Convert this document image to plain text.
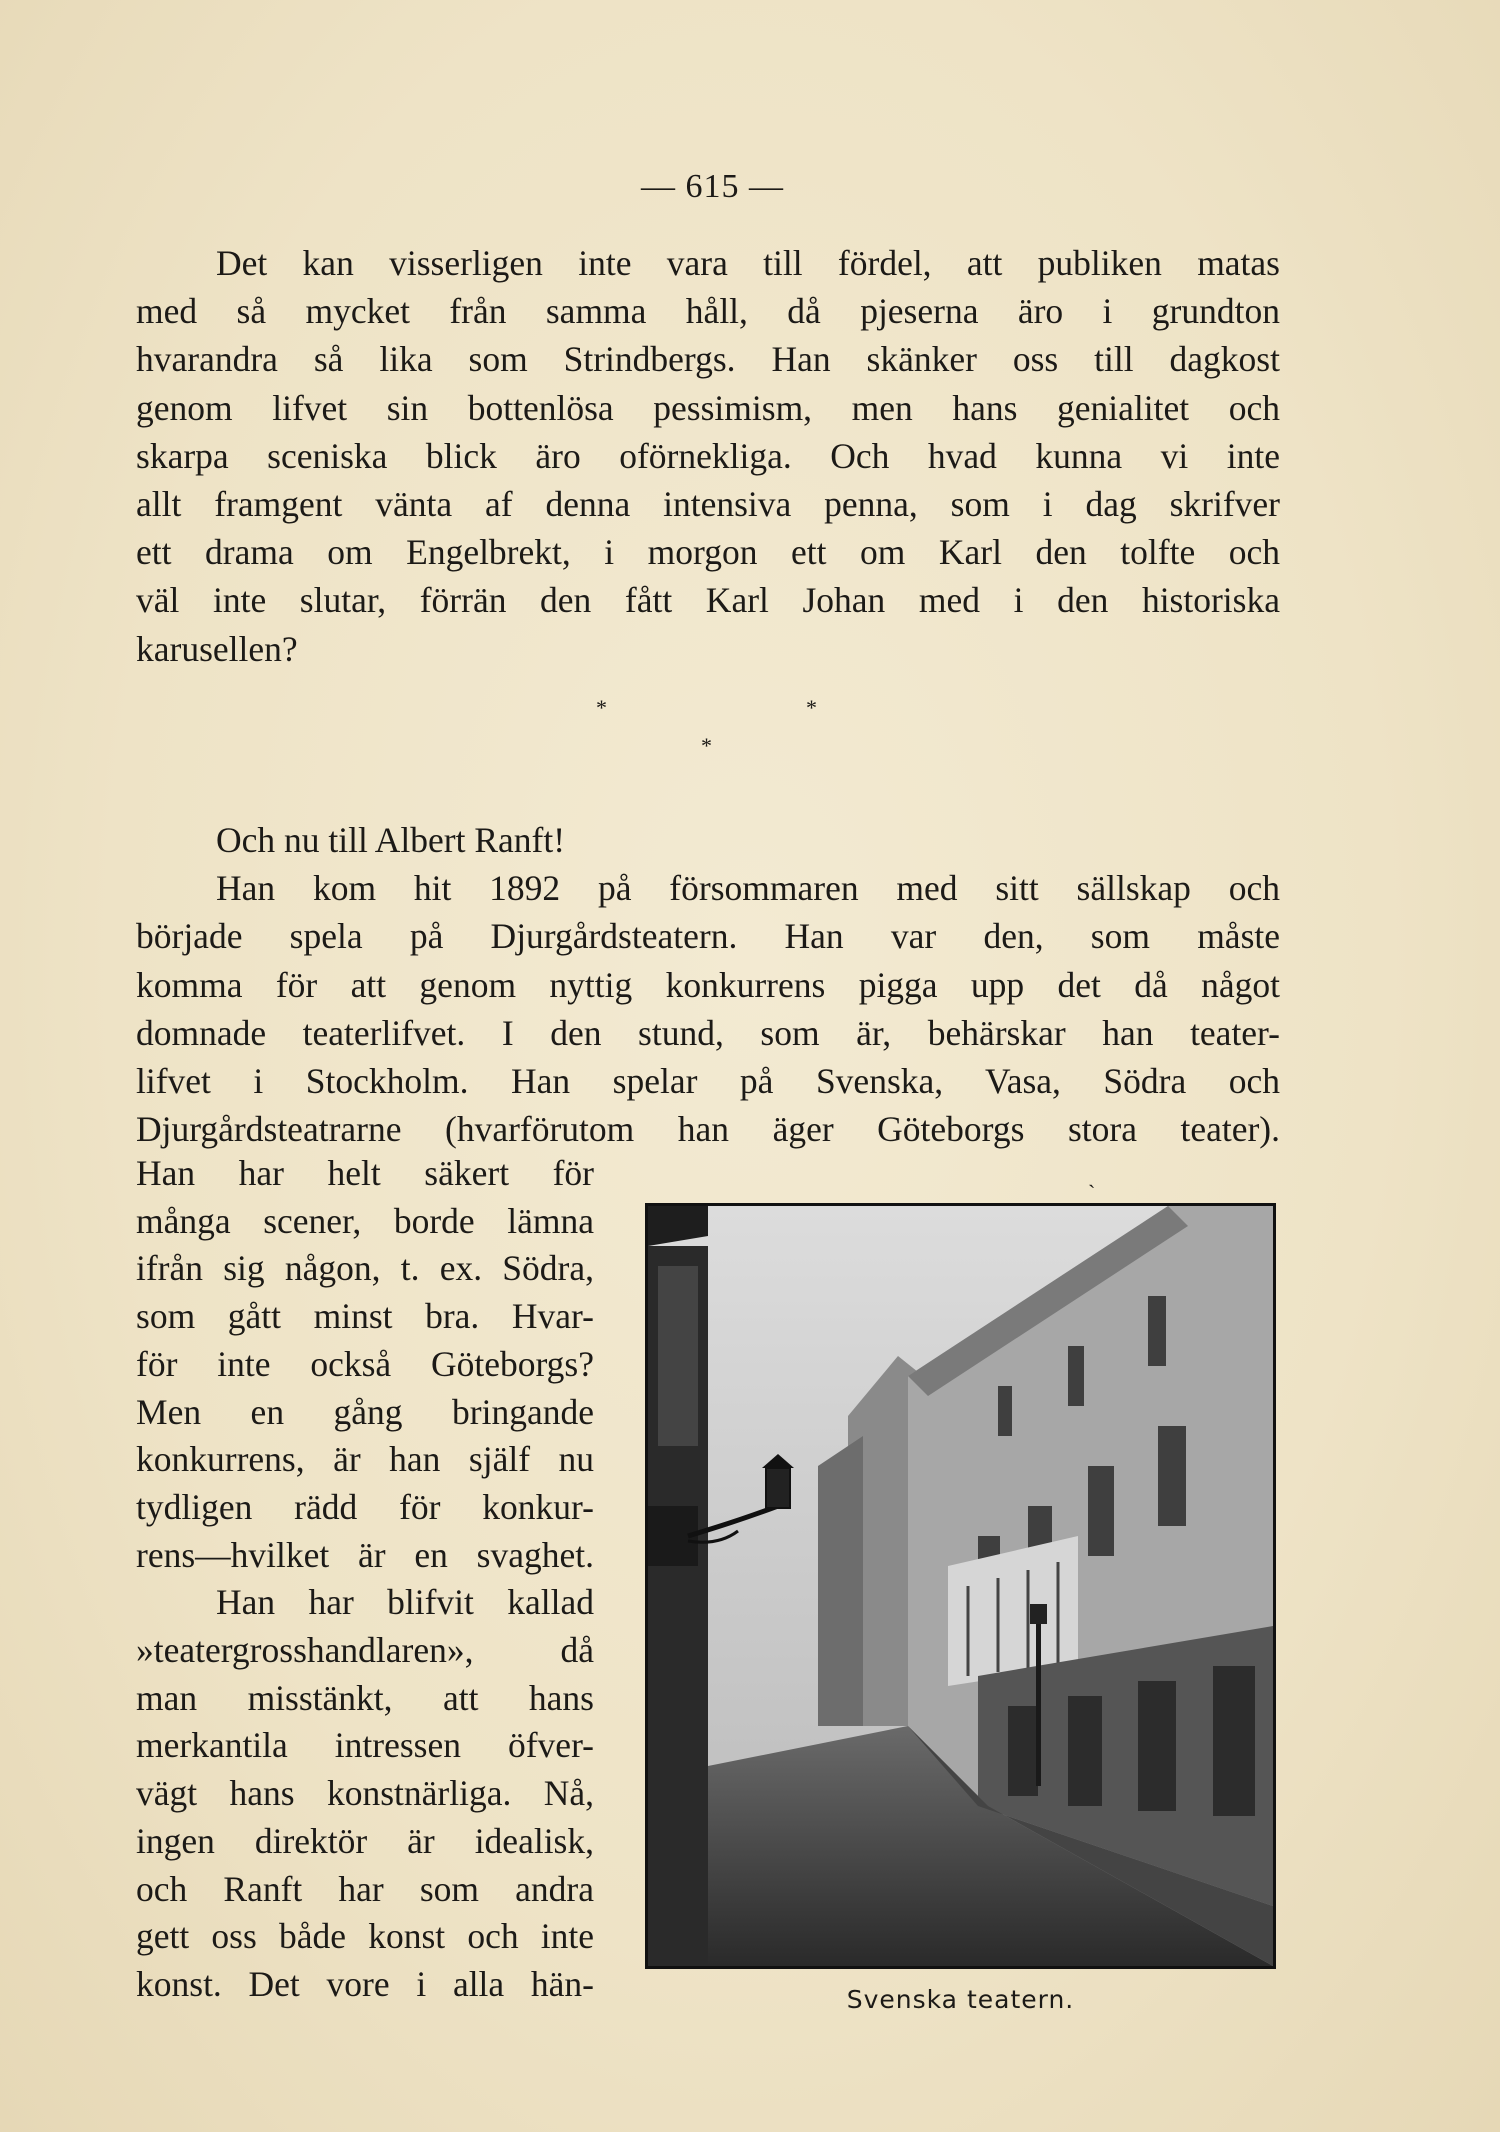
— 615 —
Det kan visserligen inte vara till fördel, att publiken matas
med så mycket från samma håll, då pjeserna äro i grundton
hvarandra så lika som Strindbergs. Han skänker oss till dagkost
genom lifvet sin bottenlösa pessimism, men hans genialitet och
skarpa sceniska blick äro oförnekliga. Och hvad kunna vi inte
allt framgent vänta af denna intensiva penna, som i dag skrifver
ett drama om Engelbrekt, i morgon ett om Karl den tolfte och
väl inte slutar, förrän den fått Karl Johan med i den historiska
karusellen?
*	*
*
Och nu till Albert Ranft!
Han kom hit 1892 på försommaren med sitt sällskap och
började spela på Djurgårdsteatern. Han var den, som måste
komma för att genom nyttig konkurrens pigga upp det då något
domnade teaterlifvet. I den stund, som är, behärskar han teater-
lifvet i Stockholm. Han spelar på Svenska, Vasa, Södra och
Djurgårdsteatrarne (hvarförutom han äger Göteborgs stora teater).
Han har helt säkert för
många scener, borde lämna
ifrån sig någon, t. ex. Södra,
som gått minst bra. Hvar-
för inte också Göteborgs?
Men en gång bringande
konkurrens, är han själf nu
tydligen rädd för konkur-
rens—hvilket är en svaghet.
Han har blifvit kallad
»teatergrosshandlaren», då
man misstänkt, att hans
merkantila intressen öfver-
vägt hans konstnärliga. Nå,
ingen direktör är idealisk,
och Ranft har som andra
gett oss både konst och inte
konst. Det vore i alla hän-
ˏ
Svenska teatern.
